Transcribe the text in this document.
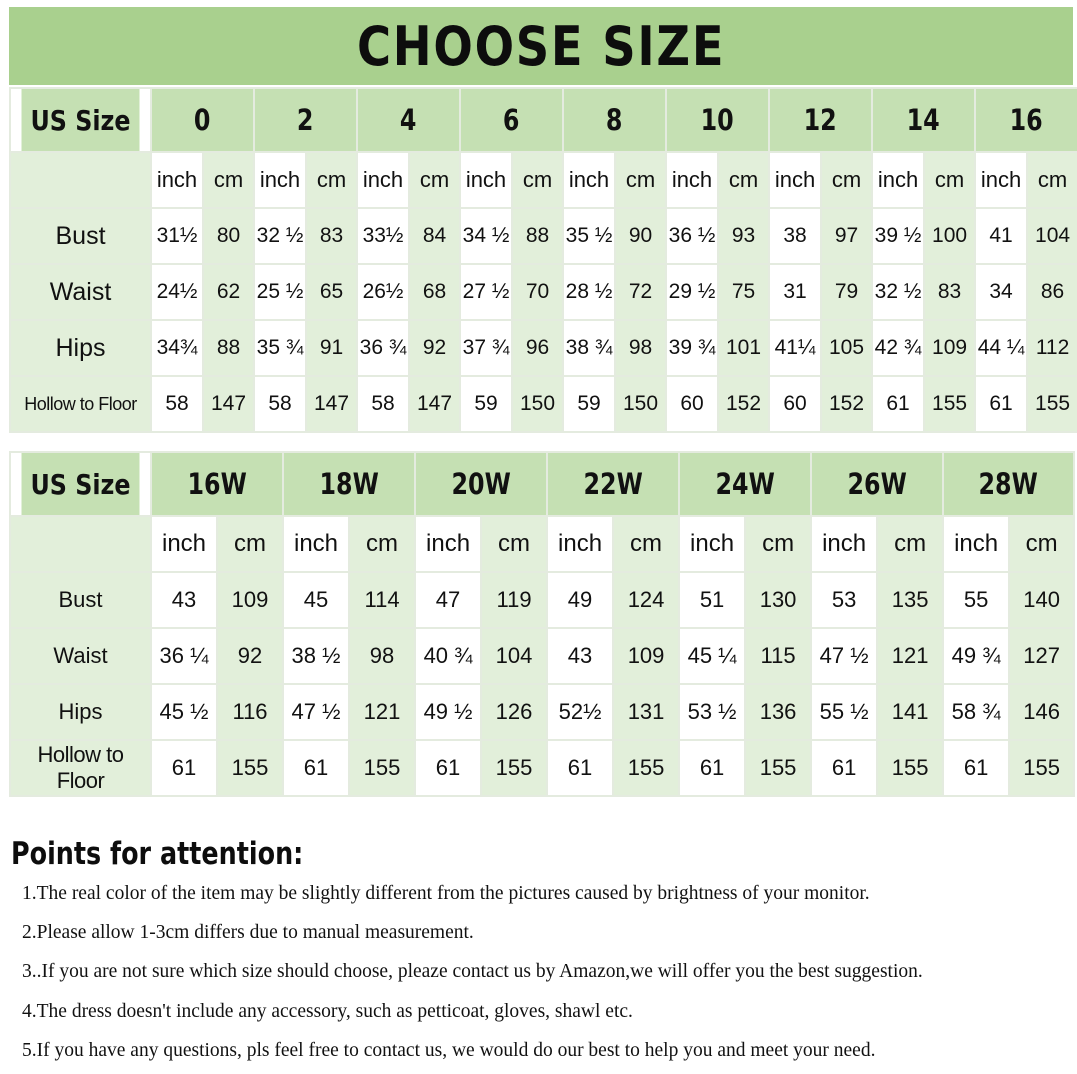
CHOOSE SIZE
US Size	0		2		4		6		8		10		12		14		16	
	inch	cm	inch	cm	inch	cm	inch	cm	inch	cm	inch	cm	inch	cm	inch	cm	inch	cm
Bust	31½	80	32 ½	83	33½	84	34 ½	88	35 ½	90	36 ½	93	38	97	39 ½	100	41	104
Waist	24½	62	25 ½	65	26½	68	27 ½	70	28 ½	72	29 ½	75	31	79	32 ½	83	34	86
Hips	34¾	88	35 ¾	91	36 ¾	92	37 ¾	96	38 ¾	98	39 ¾	101	41¼	105	42 ¾	109	44 ¼	112
Hollow to Floor	58	147	58	147	58	147	59	150	59	150	60	152	60	152	61	155	61	155
US Size	16W		18W		20W		22W		24W		26W		28W	
	inch	cm	inch	cm	inch	cm	inch	cm	inch	cm	inch	cm	inch	cm
Bust	43	109	45	114	47	119	49	124	51	130	53	135	55	140
Waist	36 ¼	92	38 ½	98	40 ¾	104	43	109	45 ¼	115	47 ½	121	49 ¾	127
Hips	45 ½	116	47 ½	121	49 ½	126	52½	131	53 ½	136	55 ½	141	58 ¾	146
Hollow to Floor	61	155	61	155	61	155	61	155	61	155	61	155	61	155
Points for attention:
1.The real color of the item may be slightly different from the pictures caused by brightness of your monitor.
2.Please allow 1-3cm differs due to manual measurement.
3..If you are not sure which size should choose, pleaze contact us by Amazon,we will offer you the best suggestion.
4.The dress doesn't include any accessory, such as petticoat, gloves, shawl etc.
5.If you have any questions, pls feel free to contact us, we would do our best to help you and meet your need.
